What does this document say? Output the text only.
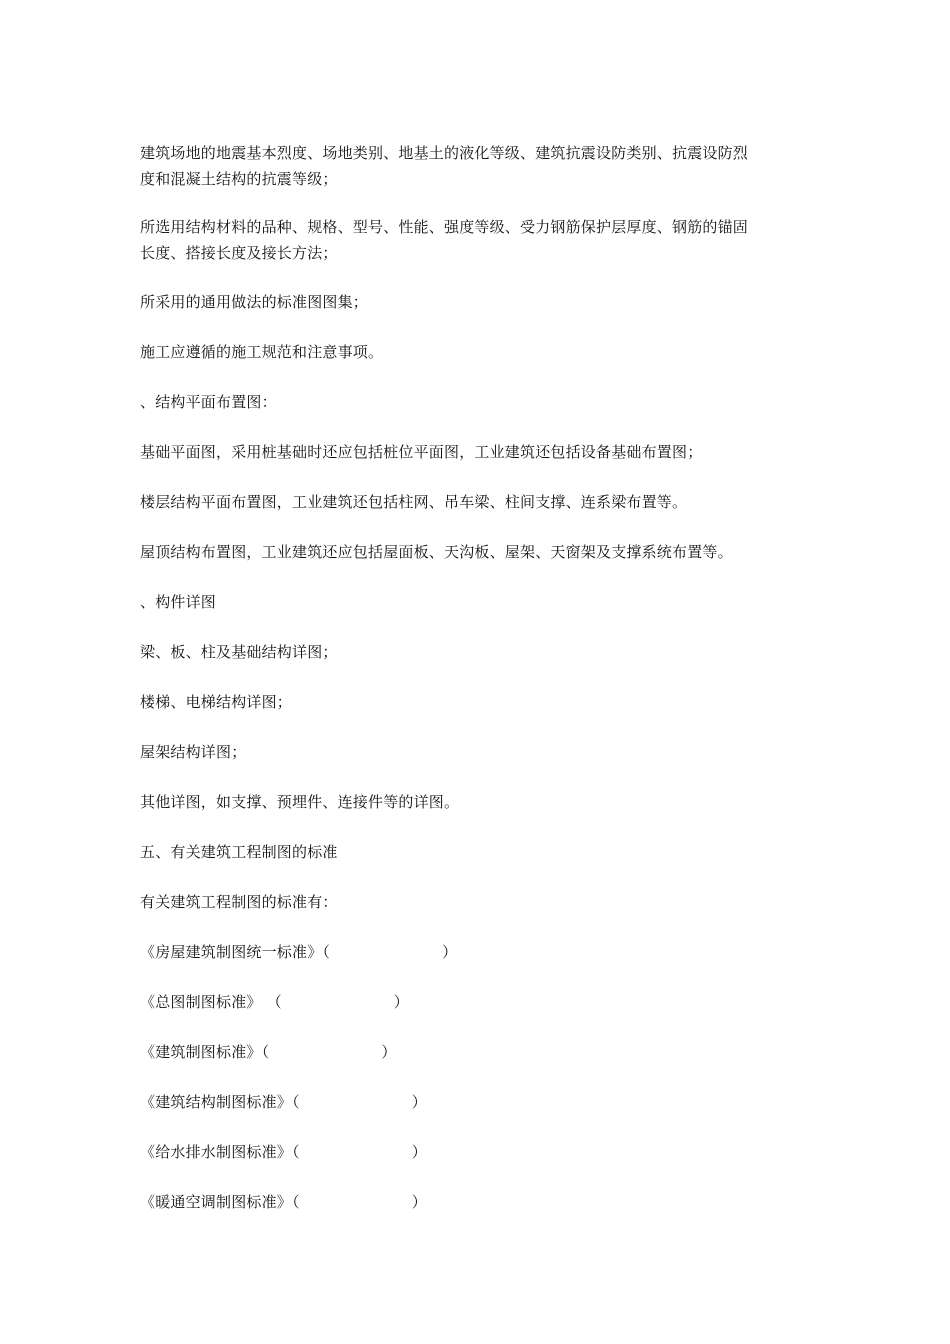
建筑场地的地震基本烈度、场地类别、地基土的液化等级、建筑抗震设防类别、抗震设防烈
度和混凝土结构的抗震等级；
所选用结构材料的品种、规格、型号、性能、强度等级、受力钢筋保护层厚度、钢筋的锚固
长度、搭接长度及接长方法；
所采用的通用做法的标准图图集；
施工应遵循的施工规范和注意事项。
、结构平面布置图：
基础平面图，采用桩基础时还应包括桩位平面图，工业建筑还包括设备基础布置图；
楼层结构平面布置图，工业建筑还包括柱网、吊车梁、柱间支撑、连系梁布置等。
屋顶结构布置图，工业建筑还应包括屋面板、天沟板、屋架、天窗架及支撑系统布置等。
、构件详图
梁、板、柱及基础结构详图；
楼梯、电梯结构详图；
屋架结构详图；
其他详图，如支撑、预埋件、连接件等的详图。
五、有关建筑工程制图的标准
有关建筑工程制图的标准有：
《房屋建筑制图统一标准》（	）
《总图制图标准》 （	）
《建筑制图标准》（	）
《建筑结构制图标准》（	）
《给水排水制图标准》（	）
《暖通空调制图标准》（	）
